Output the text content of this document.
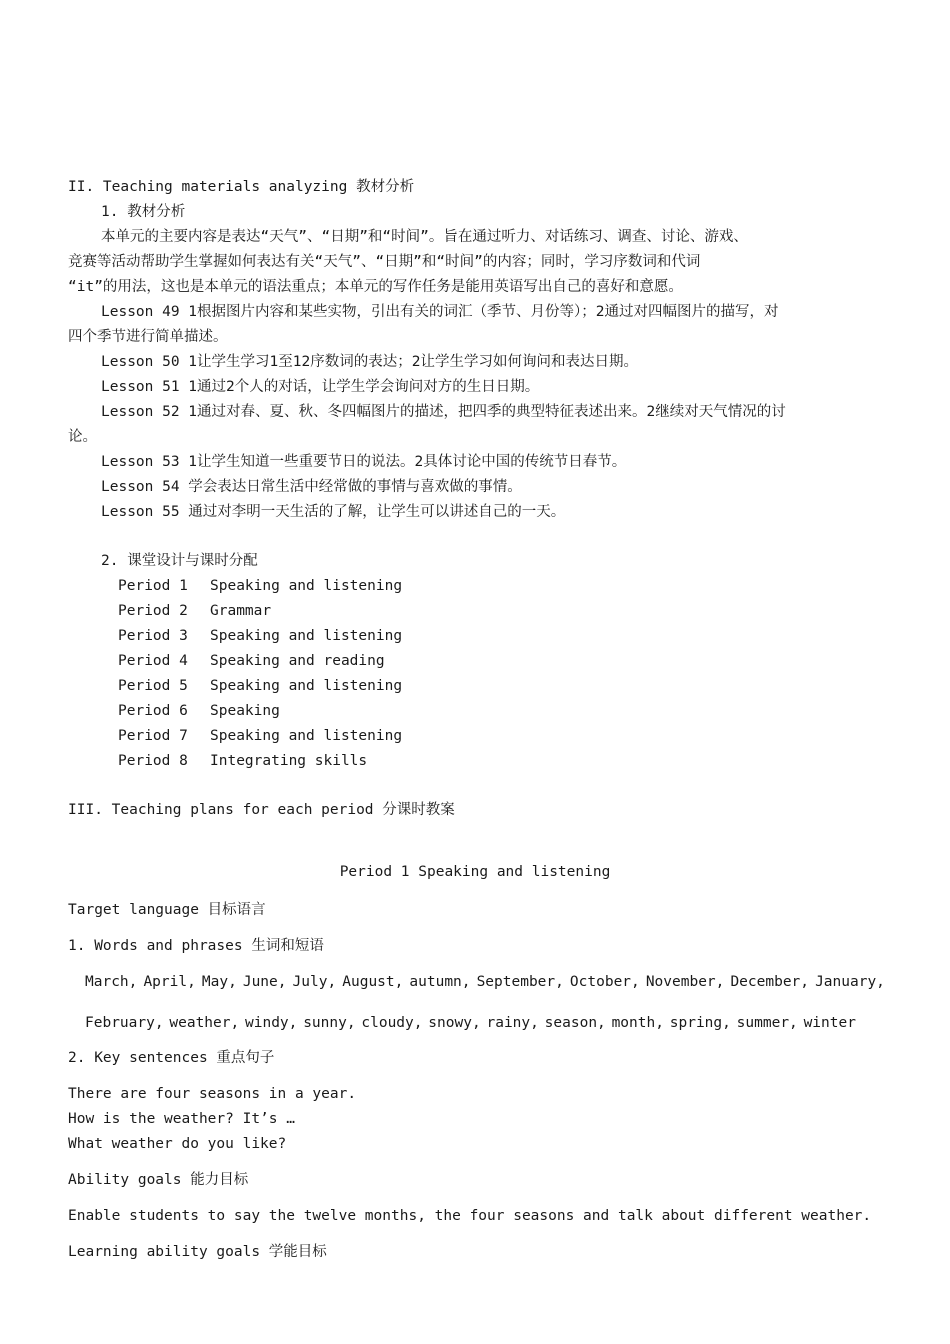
II. Teaching materials analyzing 教材分析
1. 教材分析
本单元的主要内容是表达“天气”、“日期”和“时间”。旨在通过听力、对话练习、调查、讨论、游戏、
竞赛等活动帮助学生掌握如何表达有关“天气”、“日期”和“时间”的内容；同时，学习序数词和代词
“it”的用法，这也是本单元的语法重点；本单元的写作任务是能用英语写出自己的喜好和意愿。
Lesson 49 1根据图片内容和某些实物，引出有关的词汇（季节、月份等）；2通过对四幅图片的描写，对
四个季节进行简单描述。
Lesson 50 1让学生学习1至12序数词的表达；2让学生学习如何询问和表达日期。
Lesson 51 1通过2个人的对话，让学生学会询问对方的生日日期。
Lesson 52 1通过对春、夏、秋、冬四幅图片的描述，把四季的典型特征表述出来。2继续对天气情况的讨
论。
Lesson 53 1让学生知道一些重要节日的说法。2具体讨论中国的传统节日春节。
Lesson 54 学会表达日常生活中经常做的事情与喜欢做的事情。
Lesson 55 通过对李明一天生活的了解，让学生可以讲述自己的一天。
2. 课堂设计与课时分配
Period 1 Speaking and listening
Period 2 Grammar
Period 3 Speaking and listening
Period 4 Speaking and reading
Period 5 Speaking and listening
Period 6 Speaking
Period 7 Speaking and listening
Period 8 Integrating skills
III. Teaching plans for each period 分课时教案
Period 1 Speaking and listening
Target language 目标语言
1. Words and phrases 生词和短语
March, April, May, June, July, August, autumn, September, October, November, December, January,
February, weather, windy, sunny, cloudy, snowy, rainy, season, month, spring, summer, winter
2. Key sentences 重点句子
There are four seasons in a year.
How is the weather? It’s …
What weather do you like?
Ability goals 能力目标
Enable students to say the twelve months, the four seasons and talk about different weather.
Learning ability goals 学能目标
